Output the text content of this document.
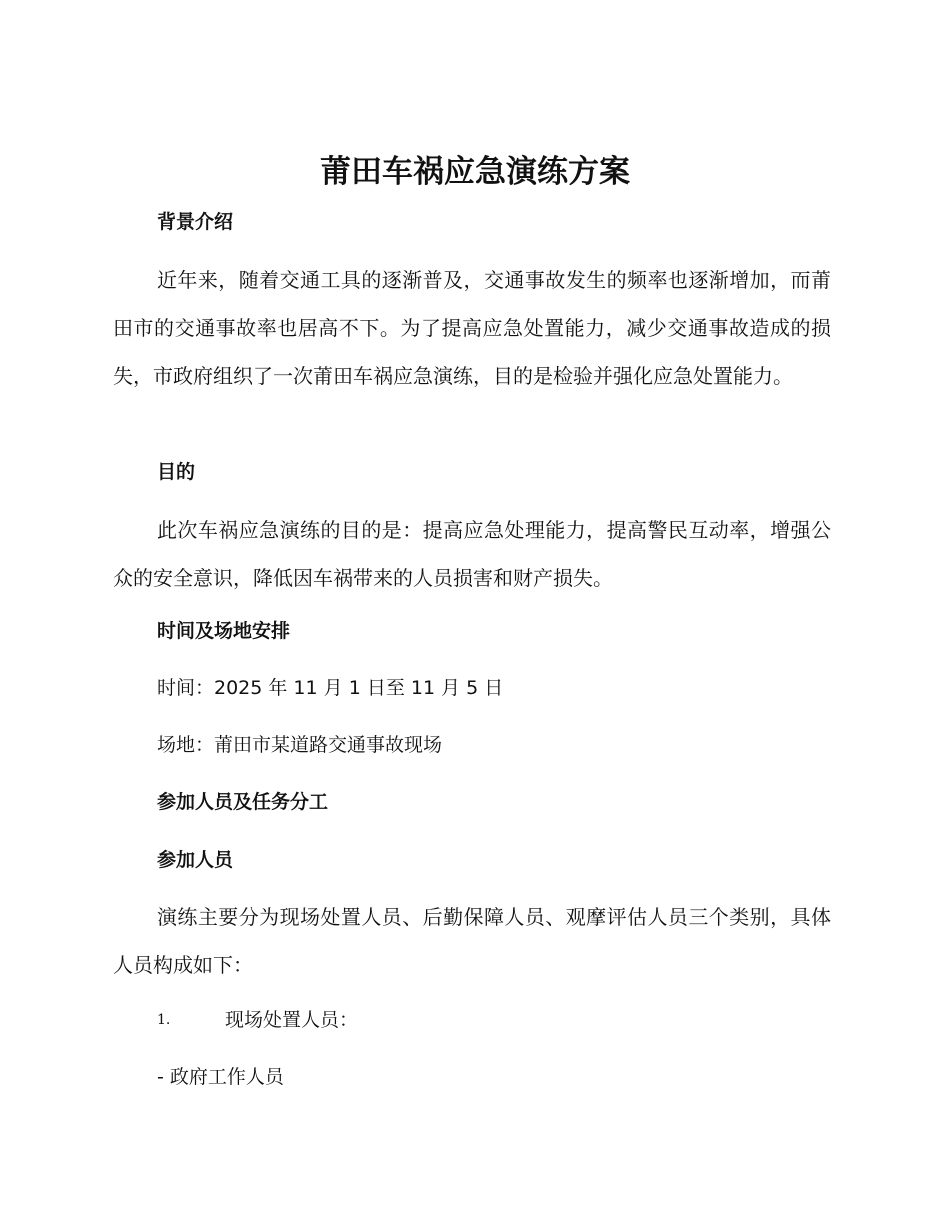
莆田车祸应急演练方案
背景介绍

近年来，随着交通工具的逐渐普及，交通事故发生的频率也逐渐增加，而莆田市的交通事故率也居高不下。为了提高应急处置能力，减少交通事故造成的损失，市政府组织了一次莆田车祸应急演练，目的是检验并强化应急处置能力。

目的

此次车祸应急演练的目的是：提高应急处理能力，提高警民互动率，增强公众的安全意识，降低因车祸带来的人员损害和财产损失。

时间及场地安排
时间：2025 年 11 月 1 日至 11 月 5 日
场地：莆田市某道路交通事故现场
参加人员及任务分工
参加人员

演练主要分为现场处置人员、后勤保障人员、观摩评估人员三个类别，具体人员构成如下：

1.	现场处置人员：
- 政府工作人员
